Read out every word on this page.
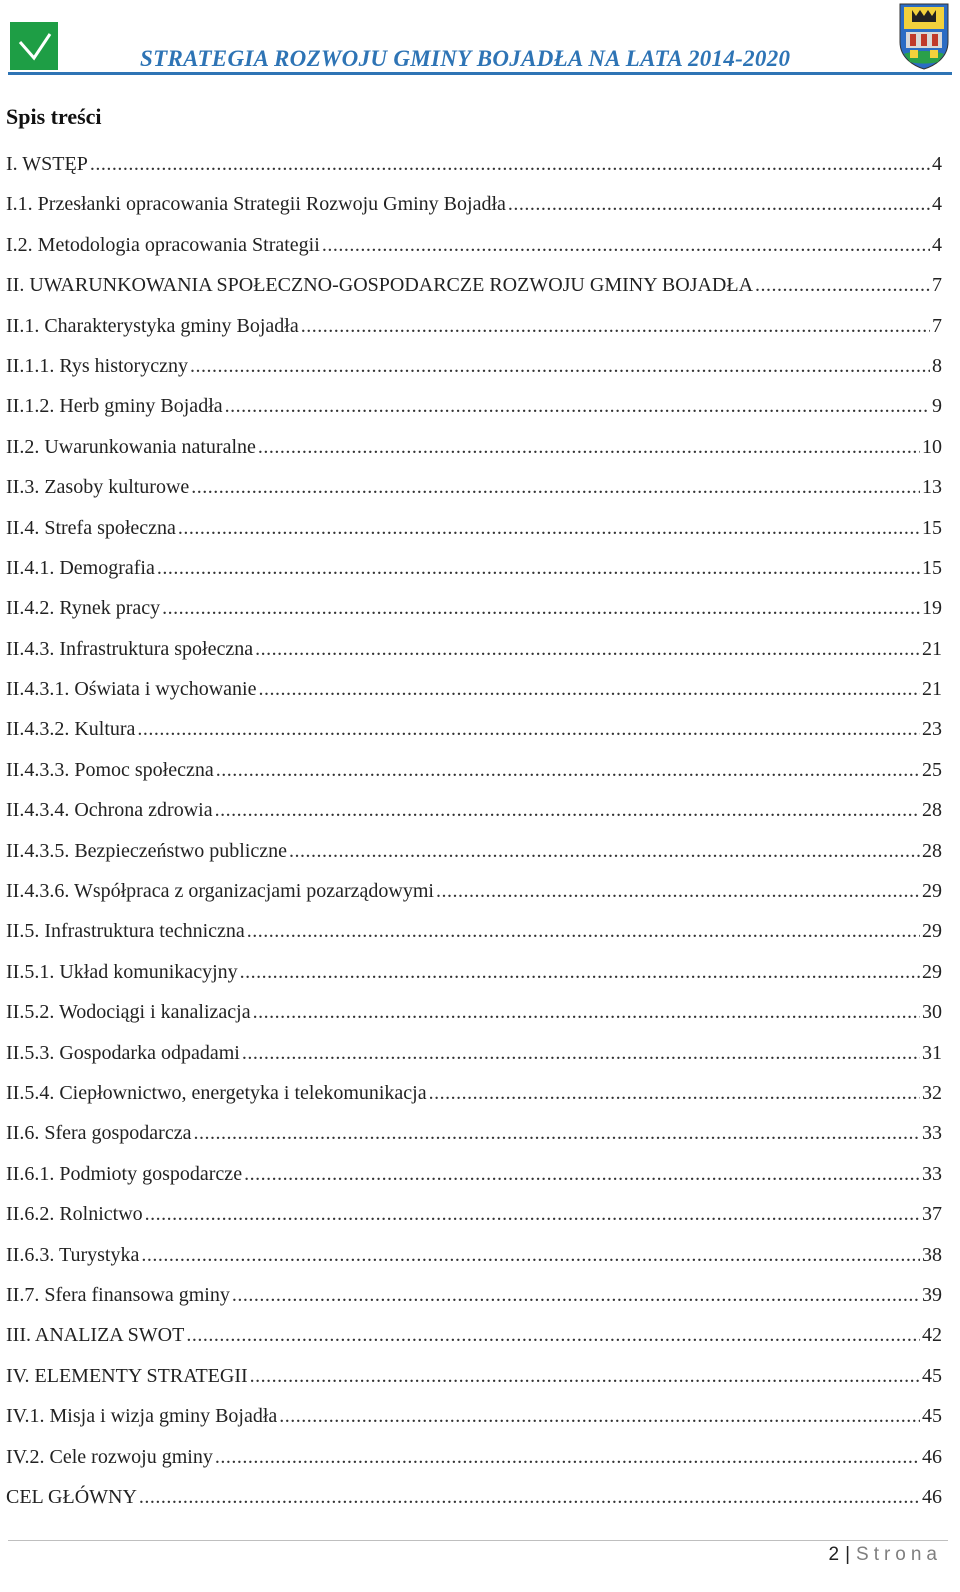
STRATEGIA ROZWOJU GMINY BOJADŁA NA LATA 2014-2020
Spis treści
I. WSTĘP .....	4
I.1. Przesłanki opracowania Strategii Rozwoju Gminy Bojadła .....	4
I.2. Metodologia opracowania Strategii .....	4
II. UWARUNKOWANIA SPOŁECZNO-GOSPODARCZE ROZWOJU GMINY BOJADŁA .....	7
II.1. Charakterystyka gminy Bojadła .....	7
II.1.1. Rys historyczny .....	8
II.1.2. Herb gminy Bojadła .....	9
II.2. Uwarunkowania naturalne .....	10
II.3. Zasoby kulturowe .....	13
II.4. Strefa społeczna .....	15
II.4.1. Demografia .....	15
II.4.2. Rynek pracy .....	19
II.4.3. Infrastruktura społeczna .....	21
II.4.3.1. Oświata i wychowanie .....	21
II.4.3.2. Kultura .....	23
II.4.3.3. Pomoc społeczna .....	25
II.4.3.4. Ochrona zdrowia .....	28
II.4.3.5. Bezpieczeństwo publiczne .....	28
II.4.3.6. Współpraca z organizacjami pozarządowymi .....	29
II.5. Infrastruktura techniczna .....	29
II.5.1. Układ komunikacyjny .....	29
II.5.2. Wodociągi i kanalizacja .....	30
II.5.3. Gospodarka odpadami .....	31
II.5.4. Ciepłownictwo, energetyka i telekomunikacja .....	32
II.6. Sfera gospodarcza .....	33
II.6.1. Podmioty gospodarcze .....	33
II.6.2. Rolnictwo .....	37
II.6.3. Turystyka .....	38
II.7. Sfera finansowa gminy .....	39
III. ANALIZA SWOT .....	42
IV. ELEMENTY STRATEGII .....	45
IV.1. Misja i wizja gminy Bojadła .....	45
IV.2. Cele rozwoju gminy .....	46
CEL GŁÓWNY .....	46
2 | Strona
